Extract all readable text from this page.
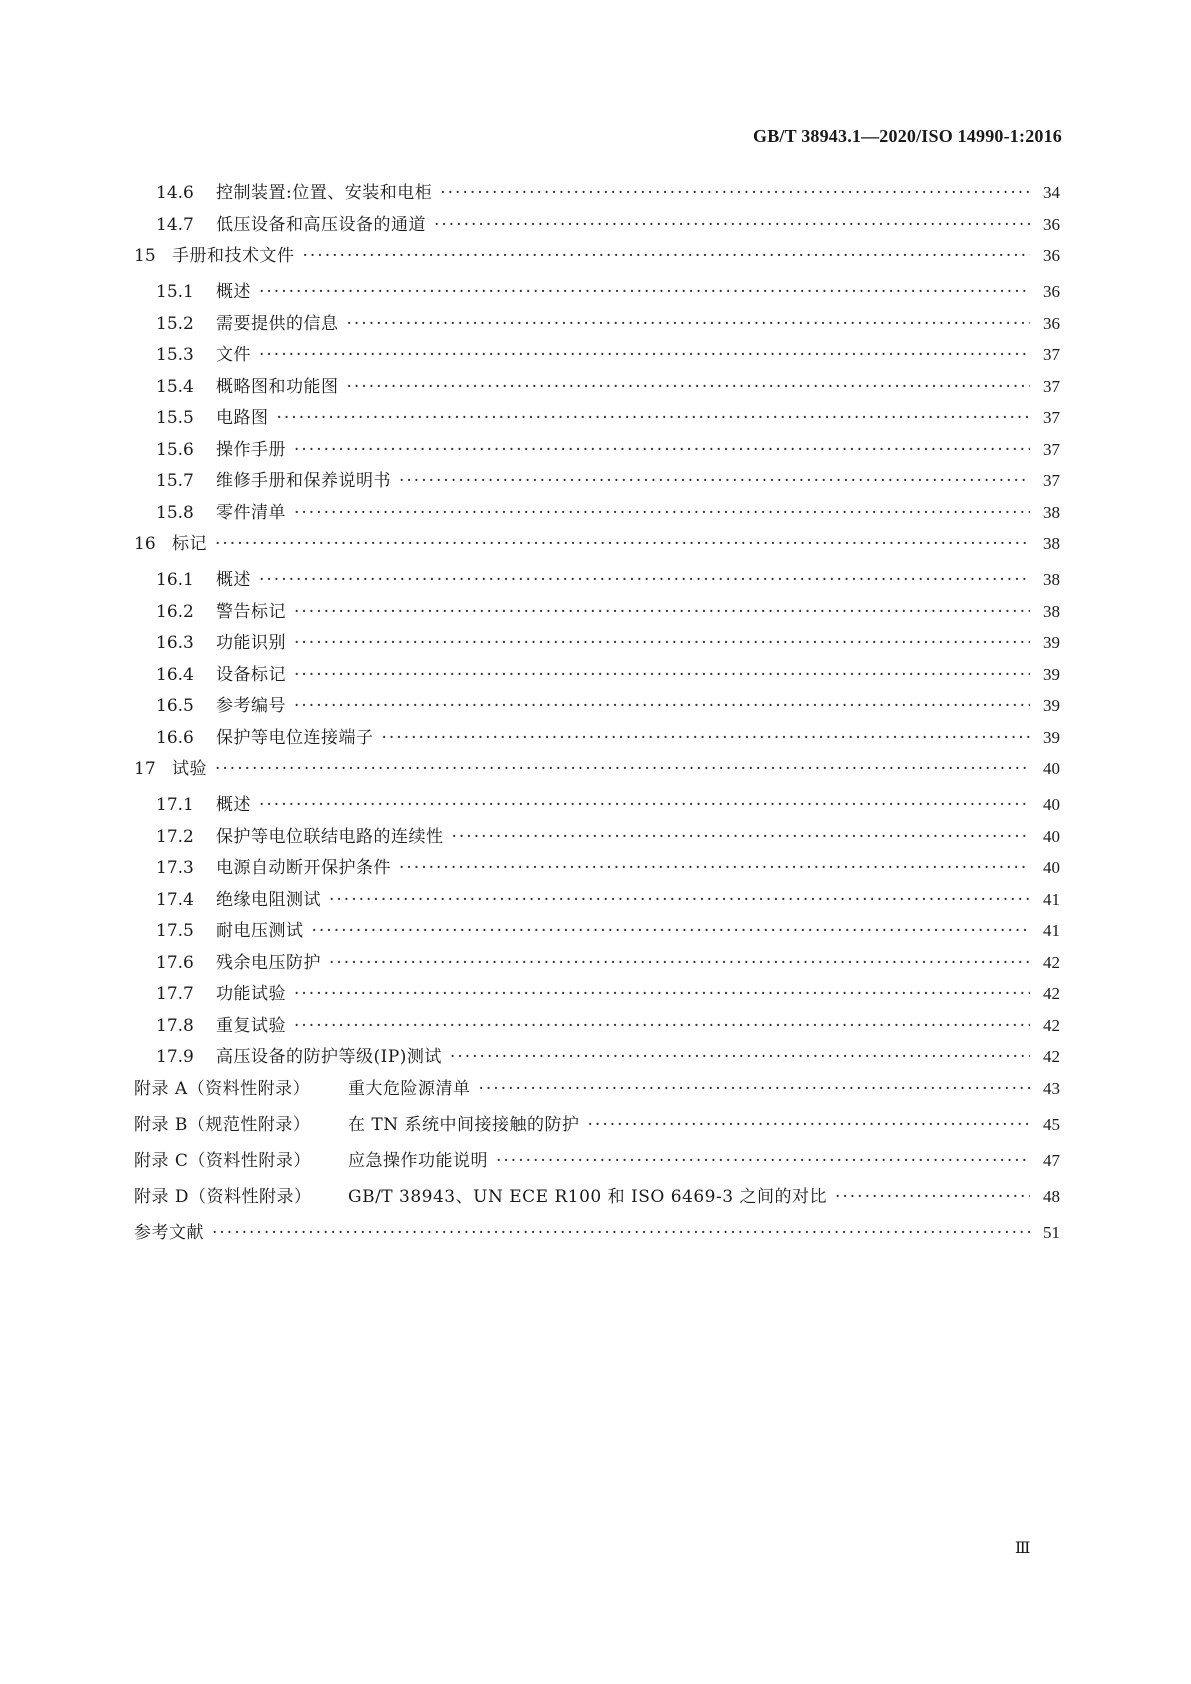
GB/T 38943.1—2020/ISO 14990-1:2016
14.6	控制装置:位置、安装和电柜 ·····	34
14.7	低压设备和高压设备的通道 ·····	36
15 手册和技术文件 ·····	36
15.1	概述 ·····	36
15.2	需要提供的信息 ·····	36
15.3	文件 ·····	37
15.4	概略图和功能图 ·····	37
15.5	电路图 ·····	37
15.6	操作手册 ·····	37
15.7	维修手册和保养说明书 ·····	37
15.8	零件清单 ·····	38
16 标记 ·····	38
16.1	概述 ·····	38
16.2	警告标记 ·····	38
16.3	功能识别 ·····	39
16.4	设备标记 ·····	39
16.5	参考编号 ·····	39
16.6	保护等电位连接端子 ·····	39
17 试验 ·····	40
17.1	概述 ·····	40
17.2	保护等电位联结电路的连续性 ·····	40
17.3	电源自动断开保护条件 ·····	40
17.4	绝缘电阻测试 ·····	41
17.5	耐电压测试 ·····	41
17.6	残余电压防护 ·····	42
17.7	功能试验 ·····	42
17.8	重复试验 ·····	42
17.9	高压设备的防护等级(IP)测试 ·····	42
附录 A（资料性附录）	重大危险源清单 ·····	43
附录 B（规范性附录）	在 TN 系统中间接接触的防护 ·····	45
附录 C（资料性附录）	应急操作功能说明 ·····	47
附录 D（资料性附录）	GB/T 38943、UN ECE R100 和 ISO 6469-3 之间的对比 ·····	48
参考文献 ·····	51
Ⅲ
